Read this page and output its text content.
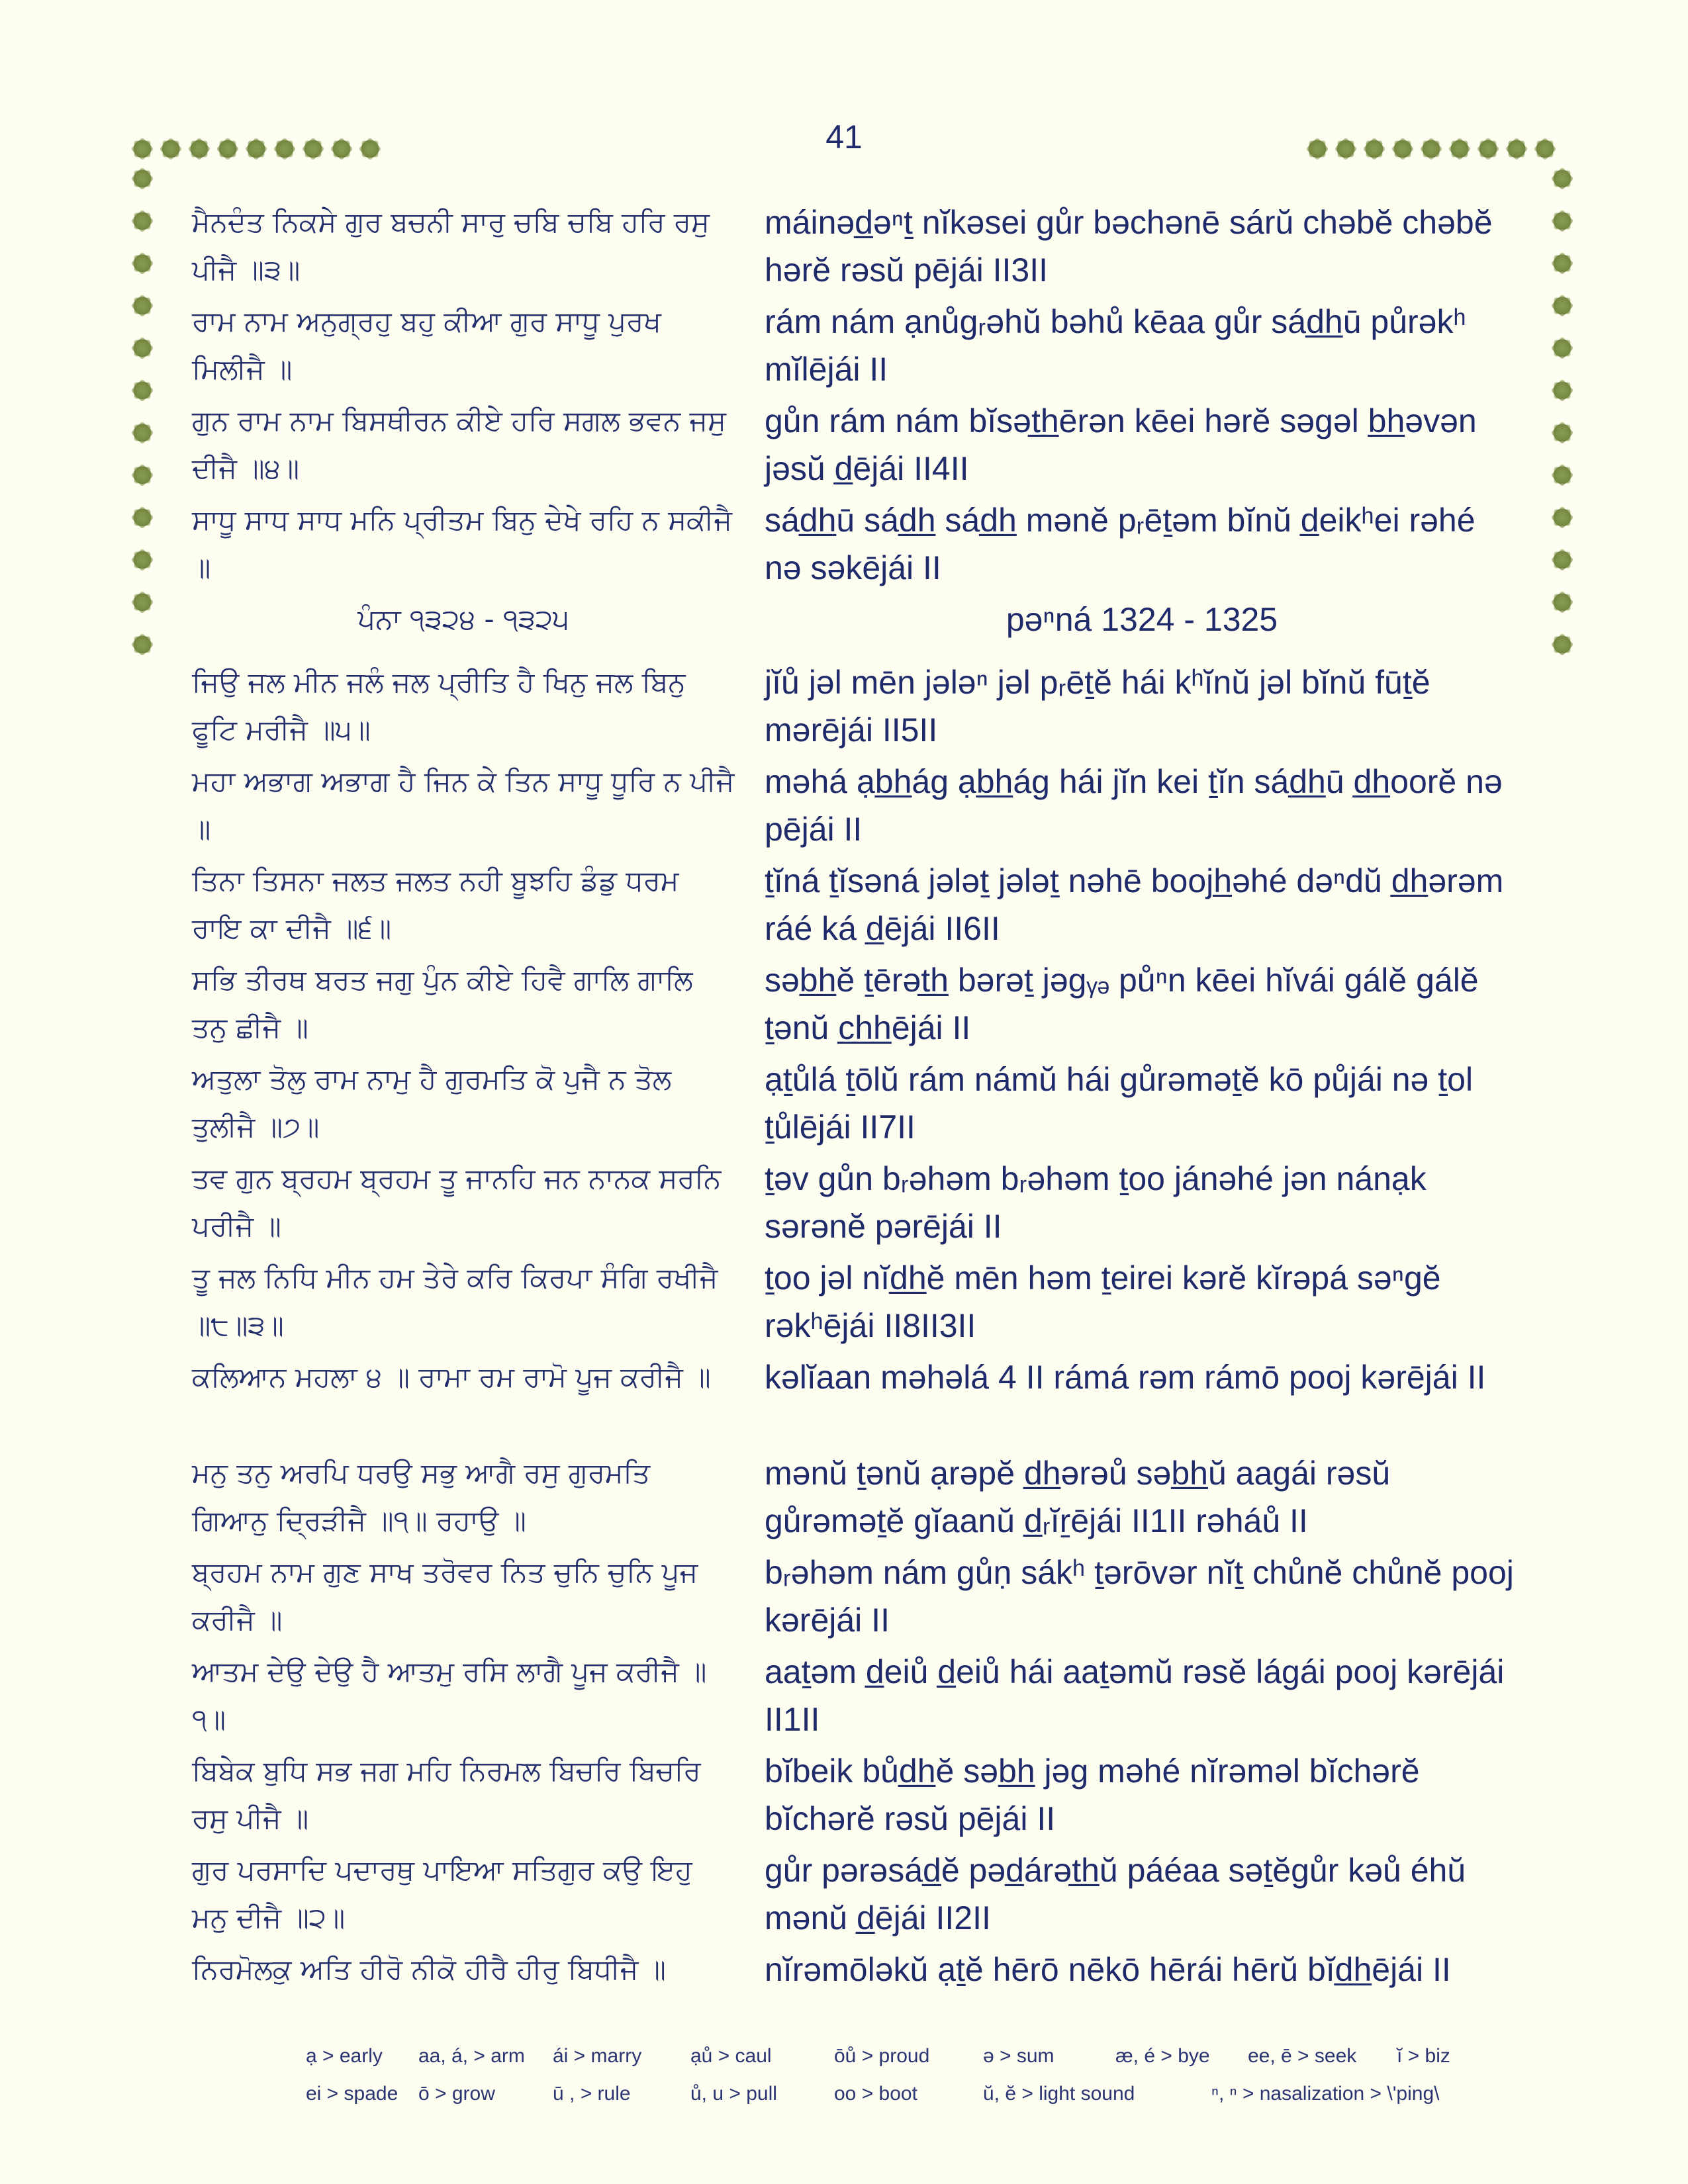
41
ਮੈਨਦੰਤ ਨਿਕਸੇ ਗੁਰ ਬਚਨੀ ਸਾਰੁ ਚਬਿ ਚਬਿ ਹਰਿ ਰਸੁ ਪੀਜੈ ॥੩॥
máinəd̲əⁿṯ nĭkəsei gůr bəchənē sárŭ chəbĕ chəbĕ hərĕ rəsŭ pējái II3II
ਰਾਮ ਨਾਮ ਅਨੁਗ੍ਰਹੁ ਬਹੁ ਕੀਆ ਗੁਰ ਸਾਧੂ ਪੁਰਖ ਮਿਲੀਜੈ ॥
rám nám ạnůgᵣəhŭ bəhů kēaa gůr sád̲h̲ū půrəkʰ mĭlējái II
ਗੁਨ ਰਾਮ ਨਾਮ ਬਿਸਥੀਰਨ ਕੀਏ ਹਰਿ ਸਗਲ ਭਵਨ ਜਸੁ ਦੀਜੈ ॥੪॥
gůn rám nám bĭsət̲h̲ērən kēei hərĕ səgəl b̲h̲əvən jəsŭ d̲ējái II4II
ਸਾਧੂ ਸਾਧ ਸਾਧ ਮਨਿ ਪ੍ਰੀਤਮ ਬਿਨੁ ਦੇਖੇ ਰਹਿ ਨ ਸਕੀਜੈ ॥
sád̲h̲ū sád̲h̲ sád̲h̲ mənĕ pᵣēṯəm bĭnŭ d̲eikʰei rəhé nə səkējái II
ਪੰਨਾ ੧੩੨੪ - ੧੩੨੫	pəⁿná 1324 - 1325
ਜਿਉ ਜਲ ਮੀਨ ਜਲੰ ਜਲ ਪ੍ਰੀਤਿ ਹੈ ਖਿਨੁ ਜਲ ਬਿਨੁ ਫੂਟਿ ਮਰੀਜੈ ॥੫॥
jĭů jəl mēn jələⁿ jəl pᵣēṯĕ hái kʰĭnŭ jəl bĭnŭ fūṯĕ mərējái II5II
ਮਹਾ ਅਭਾਗ ਅਭਾਗ ਹੈ ਜਿਨ ਕੇ ਤਿਨ ਸਾਧੂ ਧੂਰਿ ਨ ਪੀਜੈ ॥
məhá ạb̲h̲ág ạb̲h̲ág hái jĭn kei ṯĭn sád̲h̲ū d̲h̲oorĕ nə pējái II
ਤਿਨਾ ਤਿਸਨਾ ਜਲਤ ਜਲਤ ਨਹੀ ਬੂਝਹਿ ਡੰਡੁ ਧਰਮ ਰਾਇ ਕਾ ਦੀਜੈ ॥੬॥
ṯĭná ṯĭsəná jələṯ jələṯ nəhē boojh̲əhé dəⁿdŭ d̲h̲ərəm ráé ká d̲ējái II6II
ਸਭਿ ਤੀਰਥ ਬਰਤ ਜਗੁ ਪੁੰਨ ਕੀਏ ਹਿਵੈ ਗਾਲਿ ਗਾਲਿ ਤਨੁ ਛੀਜੈ ॥
səb̲h̲ĕ ṯērət̲h̲ bərəṯ jəgᵧₔ půⁿn kēei hĭvái gálĕ gálĕ ṯənŭ c̲h̲h̲ējái II
ਅਤੁਲਾ ਤੋਲੁ ਰਾਮ ਨਾਮੁ ਹੈ ਗੁਰਮਤਿ ਕੋ ਪੁਜੈ ਨ ਤੋਲ ਤੁਲੀਜੈ ॥੭॥
ạṯůlá ṯōlŭ rám námŭ hái gůrəməṯĕ kō půjái nə ṯol ṯůlējái II7II
ਤਵ ਗੁਨ ਬ੍ਰਹਮ ਬ੍ਰਹਮ ਤੂ ਜਾਨਹਿ ਜਨ ਨਾਨਕ ਸਰਨਿ ਪਰੀਜੈ ॥
ṯəv gůn bᵣəhəm bᵣəhəm ṯoo jánəhé jən nánạk sərənĕ pərējái II
ਤੂ ਜਲ ਨਿਧਿ ਮੀਨ ਹਮ ਤੇਰੇ ਕਰਿ ਕਿਰਪਾ ਸੰਗਿ ਰਖੀਜੈ ॥੮॥੩॥
ṯoo jəl nĭd̲h̲ĕ mēn həm ṯeirei kərĕ kĭrəpá səⁿgĕ rəkʰējái II8II3II
ਕਲਿਆਨ ਮਹਲਾ ੪ ॥ ਰਾਮਾ ਰਮ ਰਾਮੋ ਪੂਜ ਕਰੀਜੈ ॥	kəlĭaan məhəlá 4 II rámá rəm rámō pooj kərējái II
ਮਨੁ ਤਨੁ ਅਰਪਿ ਧਰਉ ਸਭੁ ਆਗੈ ਰਸੁ ਗੁਰਮਤਿ ਗਿਆਨੁ ਦ੍ਰਿੜੀਜੈ ॥੧॥ ਰਹਾਉ ॥
mənŭ ṯənŭ ạrəpĕ d̲h̲ərəů səb̲h̲ŭ aagái rəsŭ gůrəməṯĕ gĭaanŭ d̲ᵣĭṟējái II1II rəháů II
ਬ੍ਰਹਮ ਨਾਮ ਗੁਣ ਸਾਖ ਤਰੋਵਰ ਨਿਤ ਚੁਨਿ ਚੁਨਿ ਪੂਜ ਕਰੀਜੈ ॥
bᵣəhəm nám gůṇ sákʰ ṯərōvər nĭṯ chůnĕ chůnĕ pooj kərējái II
ਆਤਮ ਦੇਉ ਦੇਉ ਹੈ ਆਤਮੁ ਰਸਿ ਲਾਗੈ ਪੂਜ ਕਰੀਜੈ ॥੧॥
aaṯəm d̲eiů d̲eiů hái aaṯəmŭ rəsĕ lágái pooj kərējái II1II
ਬਿਬੇਕ ਬੁਧਿ ਸਭ ਜਗ ਮਹਿ ਨਿਰਮਲ ਬਿਚਰਿ ਬਿਚਰਿ ਰਸੁ ਪੀਜੈ ॥
bĭbeik bůd̲h̲ĕ səb̲h̲ jəg məhé nĭrəməl bĭchərĕ bĭchərĕ rəsŭ pējái II
ਗੁਰ ਪਰਸਾਦਿ ਪਦਾਰਥੁ ਪਾਇਆ ਸਤਿਗੁਰ ਕਉ ਇਹੁ ਮਨੁ ਦੀਜੈ ॥੨॥
gůr pərəsád̲ĕ pəd̲árət̲h̲ŭ páéaa səṯĕgůr kəů éhŭ mənŭ d̲ējái II2II
ਨਿਰਮੋਲਕੁ ਅਤਿ ਹੀਰੋ ਨੀਕੋ ਹੀਰੈ ਹੀਰੁ ਬਿਧੀਜੈ ॥	nĭrəmōləkŭ ạṯĕ hērō nēkō hērái hērŭ bĭd̲h̲ējái II
ạ > early aa, á, > arm ái > marry ạů > caul	ōů > proud	ə > sum	æ, é > bye ee, ē > seek ĭ > biz
ei > spade ō > grow	ū , > rule	ů, u > pull	oo > boot	ŭ, ĕ > light sound	ⁿ, ⁿ > nasalization > \'ping\
